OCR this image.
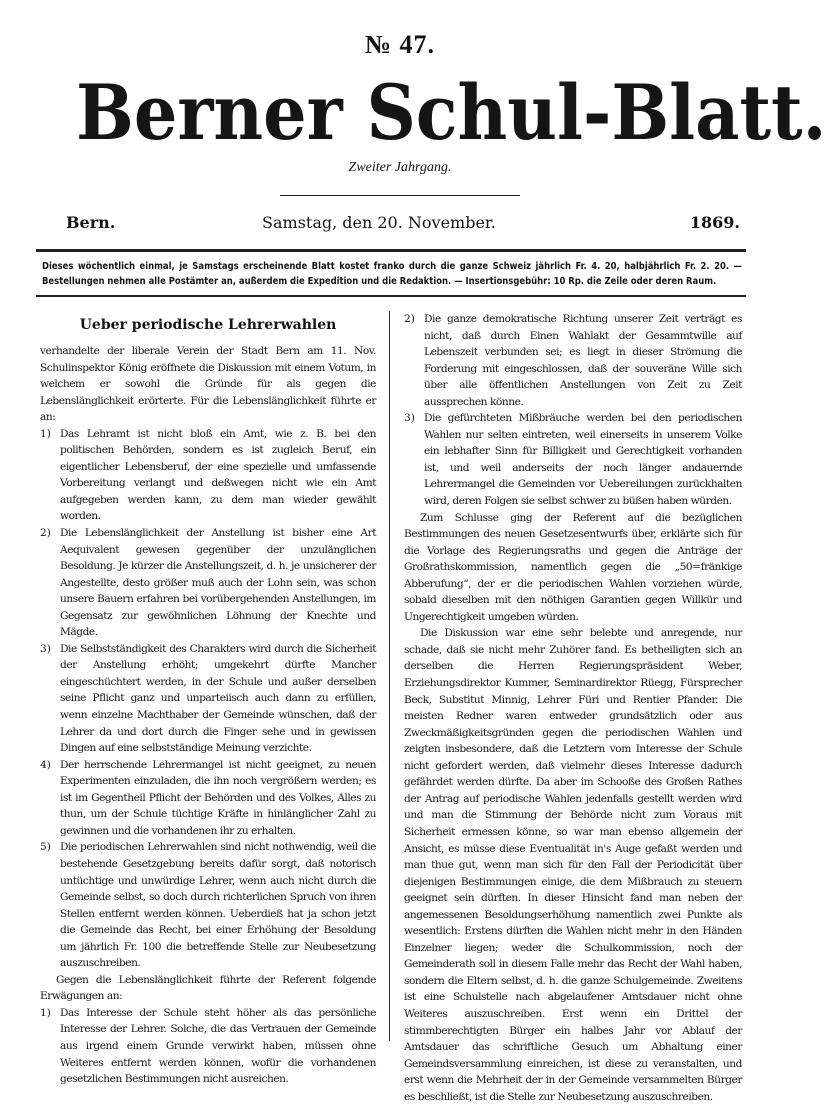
№ 47.
Berner Schul-Blatt.
Zweiter Jahrgang.
Bern.	Samstag, den 20. November.	1869.
Dieses wöchentlich einmal, je Samstags erscheinende Blatt kostet franko durch die ganze Schweiz jährlich Fr. 4. 20, halbjährlich Fr. 2. 20. — Bestellungen nehmen alle Postämter an, außerdem die Expedition und die Redaktion. — Insertionsgebühr: 10 Rp. die Zeile oder deren Raum.
Ueber periodische Lehrerwahlen

verhandelte der liberale Verein der Stadt Bern am 11. Nov. Schulinspektor König eröffnete die Diskussion mit einem Votum, in welchem er sowohl die Gründe für als gegen die Lebenslänglichkeit erörterte. Für die Lebenslänglichkeit führte er an:

1) Das Lehramt ist nicht bloß ein Amt, wie z. B. bei den politischen Behörden, sondern es ist zugleich Beruf, ein eigentlicher Lebensberuf, der eine spezielle und umfassende Vorbereitung verlangt und deßwegen nicht wie ein Amt aufgegeben werden kann, zu dem man wieder gewählt worden.
2) Die Lebenslänglichkeit der Anstellung ist bisher eine Art Aequivalent gewesen gegenüber der unzulänglichen Besoldung. Je kürzer die Anstellungszeit, d. h. je unsicherer der Angestellte, desto größer muß auch der Lohn sein, was schon unsere Bauern erfahren bei vorübergehenden Anstellungen, im Gegensatz zur gewöhnlichen Löhnung der Knechte und Mägde.
3) Die Selbstständigkeit des Charakters wird durch die Sicherheit der Anstellung erhöht; umgekehrt dürfte Mancher eingeschüchtert werden, in der Schule und außer derselben seine Pflicht ganz und unparteiisch auch dann zu erfüllen, wenn einzelne Machthaber der Gemeinde wünschen, daß der Lehrer da und dort durch die Finger sehe und in gewissen Dingen auf eine selbstständige Meinung verzichte.
4) Der herrschende Lehrermangel ist nicht geeignet, zu neuen Experimenten einzuladen, die ihn noch vergrößern werden; es ist im Gegentheil Pflicht der Behörden und des Volkes, Alles zu thun, um der Schule tüchtige Kräfte in hinlänglicher Zahl zu gewinnen und die vorhandenen ihr zu erhalten.
5) Die periodischen Lehrerwahlen sind nicht nothwendig, weil die bestehende Gesetzgebung bereits dafür sorgt, daß notorisch untüchtige und unwürdige Lehrer, wenn auch nicht durch die Gemeinde selbst, so doch durch richterlichen Spruch von ihren Stellen entfernt werden können. Ueberdieß hat ja schon jetzt die Gemeinde das Recht, bei einer Erhöhung der Besoldung um jährlich Fr. 100 die betreffende Stelle zur Neubesetzung auszuschreiben.

Gegen die Lebenslänglichkeit führte der Referent folgende Erwägungen an:

1) Das Interesse der Schule steht höher als das persönliche Interesse der Lehrer. Solche, die das Vertrauen der Gemeinde aus irgend einem Grunde verwirkt haben, müssen ohne Weiteres entfernt werden können, wofür die vorhandenen gesetzlichen Bestimmungen nicht ausreichen.
2) Die ganze demokratische Richtung unserer Zeit verträgt es nicht, daß durch Einen Wahlakt der Gesammtwille auf Lebenszeit verbunden sei; es liegt in dieser Strömung die Forderung mit eingeschlossen, daß der souveräne Wille sich über alle öffentlichen Anstellungen von Zeit zu Zeit aussprechen könne.
3) Die gefürchteten Mißbräuche werden bei den periodischen Wahlen nur selten eintreten, weil einerseits in unserem Volke ein lebhafter Sinn für Billigkeit und Gerechtigkeit vorhanden ist, und weil anderseits der noch länger andauernde Lehrermangel die Gemeinden vor Uebereilungen zurückhalten wird, deren Folgen sie selbst schwer zu büßen haben würden.

Zum Schlusse ging der Referent auf die bezüglichen Bestimmungen des neuen Gesetzesentwurfs über, erklärte sich für die Vorlage des Regierungsraths und gegen die Anträge der Großrathskommission, namentlich gegen die „50=fränkige Abberufung“, der er die periodischen Wahlen vorziehen würde, sobald dieselben mit den nöthigen Garantien gegen Willkür und Ungerechtigkeit umgeben würden.

Die Diskussion war eine sehr belebte und anregende, nur schade, daß sie nicht mehr Zuhörer fand. Es betheiligten sich an derselben die Herren Regierungspräsident Weber, Erziehungsdirektor Kummer, Seminardirektor Rüegg, Fürsprecher Beck, Substitut Minnig, Lehrer Füri und Rentier Pfander. Die meisten Redner waren entweder grundsätzlich oder aus Zweckmäßigkeitsgründen gegen die periodischen Wahlen und zeigten insbesondere, daß die Letztern vom Interesse der Schule nicht gefordert werden, daß vielmehr dieses Interesse dadurch gefährdet werden dürfte. Da aber im Schooße des Großen Rathes der Antrag auf periodische Wahlen jedenfalls gestellt werden wird und man die Stimmung der Behörde nicht zum Voraus mit Sicherheit ermessen könne, so war man ebenso allgemein der Ansicht, es müsse diese Eventualität in's Auge gefaßt werden und man thue gut, wenn man sich für den Fall der Periodicität über diejenigen Bestimmungen einige, die dem Mißbrauch zu steuern geeignet sein dürften. In dieser Hinsicht fand man neben der angemessenen Besoldungserhöhung namentlich zwei Punkte als wesentlich: Erstens dürften die Wahlen nicht mehr in den Händen Einzelner liegen; weder die Schulkommission, noch der Gemeinderath soll in diesem Falle mehr das Recht der Wahl haben, sondern die Eltern selbst, d. h. die ganze Schulgemeinde. Zweitens ist eine Schulstelle nach abgelaufener Amtsdauer nicht ohne Weiteres auszuschreiben. Erst wenn ein Drittel der stimmberechtigten Bürger ein halbes Jahr vor Ablauf der Amtsdauer das schriftliche Gesuch um Abhaltung einer Gemeindsversammlung einreichen, ist diese zu veranstalten, und erst wenn die Mehrheit der in der Gemeinde versammelten Bürger es beschließt, ist die Stelle zur Neubesetzung auszuschreiben.
